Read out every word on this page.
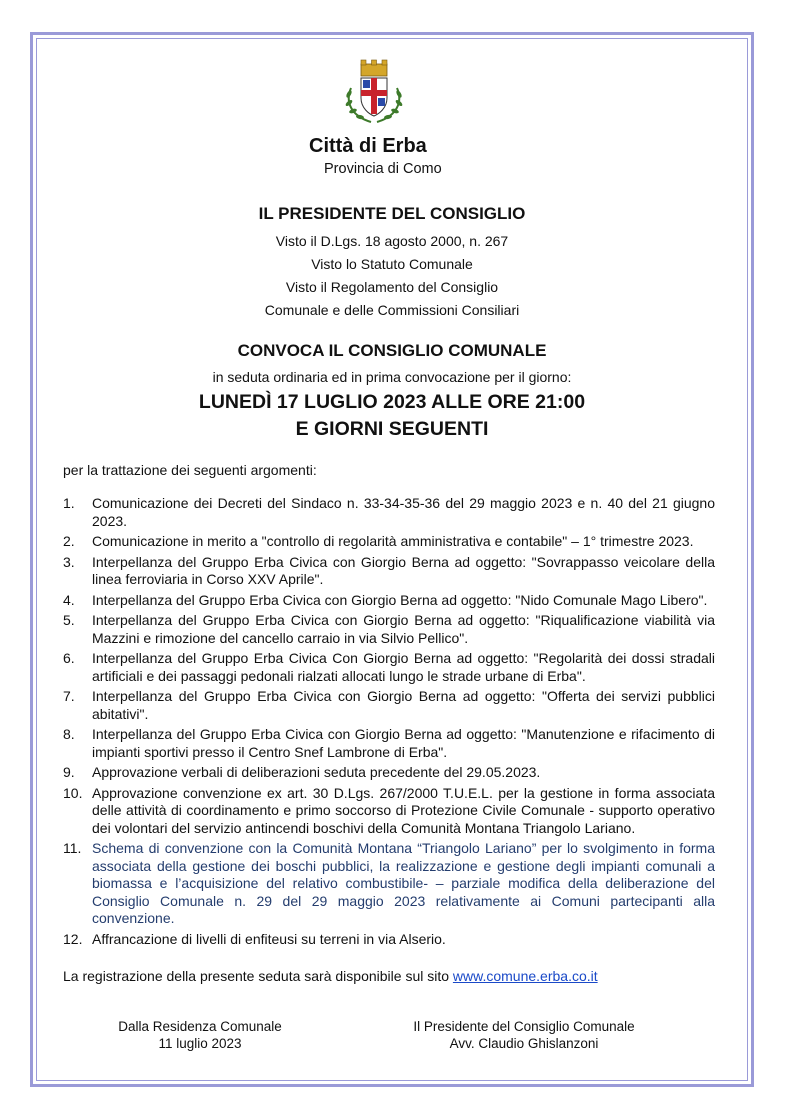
Città di Erba
Provincia di Como
IL PRESIDENTE DEL CONSIGLIO
Visto il D.Lgs. 18 agosto 2000, n. 267
Visto lo Statuto Comunale
Visto il Regolamento del Consiglio
Comunale e delle Commissioni Consiliari
CONVOCA IL CONSIGLIO COMUNALE
in seduta ordinaria ed in prima convocazione per il giorno:
LUNEDÌ 17 LUGLIO 2023 ALLE ORE 21:00
E GIORNI SEGUENTI
per la trattazione dei seguenti argomenti:
1. Comunicazione dei Decreti del Sindaco n. 33-34-35-36 del 29 maggio 2023 e n. 40 del 21 giugno 2023.
2. Comunicazione in merito a "controllo di regolarità amministrativa e contabile" – 1° trimestre 2023.
3. Interpellanza del Gruppo Erba Civica con Giorgio Berna ad oggetto: "Sovrappasso veicolare della linea ferroviaria in Corso XXV Aprile".
4. Interpellanza del Gruppo Erba Civica con Giorgio Berna ad oggetto: "Nido Comunale Mago Libero".
5. Interpellanza del Gruppo Erba Civica con Giorgio Berna ad oggetto: "Riqualificazione viabilità via Mazzini e rimozione del cancello carraio in via Silvio Pellico".
6. Interpellanza del Gruppo Erba Civica Con Giorgio Berna ad oggetto: "Regolarità dei dossi stradali artificiali e dei passaggi pedonali rialzati allocati lungo le strade urbane di Erba".
7. Interpellanza del Gruppo Erba Civica con Giorgio Berna ad oggetto: "Offerta dei servizi pubblici abitativi".
8. Interpellanza del Gruppo Erba Civica con Giorgio Berna ad oggetto: "Manutenzione e rifacimento di impianti sportivi presso il Centro Snef Lambrone di Erba".
9. Approvazione verbali di deliberazioni seduta precedente del 29.05.2023.
10. Approvazione convenzione ex art. 30 D.Lgs. 267/2000 T.U.E.L. per la gestione in forma associata delle attività di coordinamento e primo soccorso di Protezione Civile Comunale - supporto operativo dei volontari del servizio antincendi boschivi della Comunità Montana Triangolo Lariano.
11. Schema di convenzione con la Comunità Montana “Triangolo Lariano” per lo svolgimento in forma associata della gestione dei boschi pubblici, la realizzazione e gestione degli impianti comunali a biomassa e l’acquisizione del relativo combustibile- – parziale modifica della deliberazione del Consiglio Comunale n. 29 del 29 maggio 2023 relativamente ai Comuni partecipanti alla convenzione.
12. Affrancazione di livelli di enfiteusi su terreni in via Alserio.
La registrazione della presente seduta sarà disponibile sul sito www.comune.erba.co.it
Dalla Residenza Comunale
11 luglio 2023
Il Presidente del Consiglio Comunale
Avv. Claudio Ghislanzoni
